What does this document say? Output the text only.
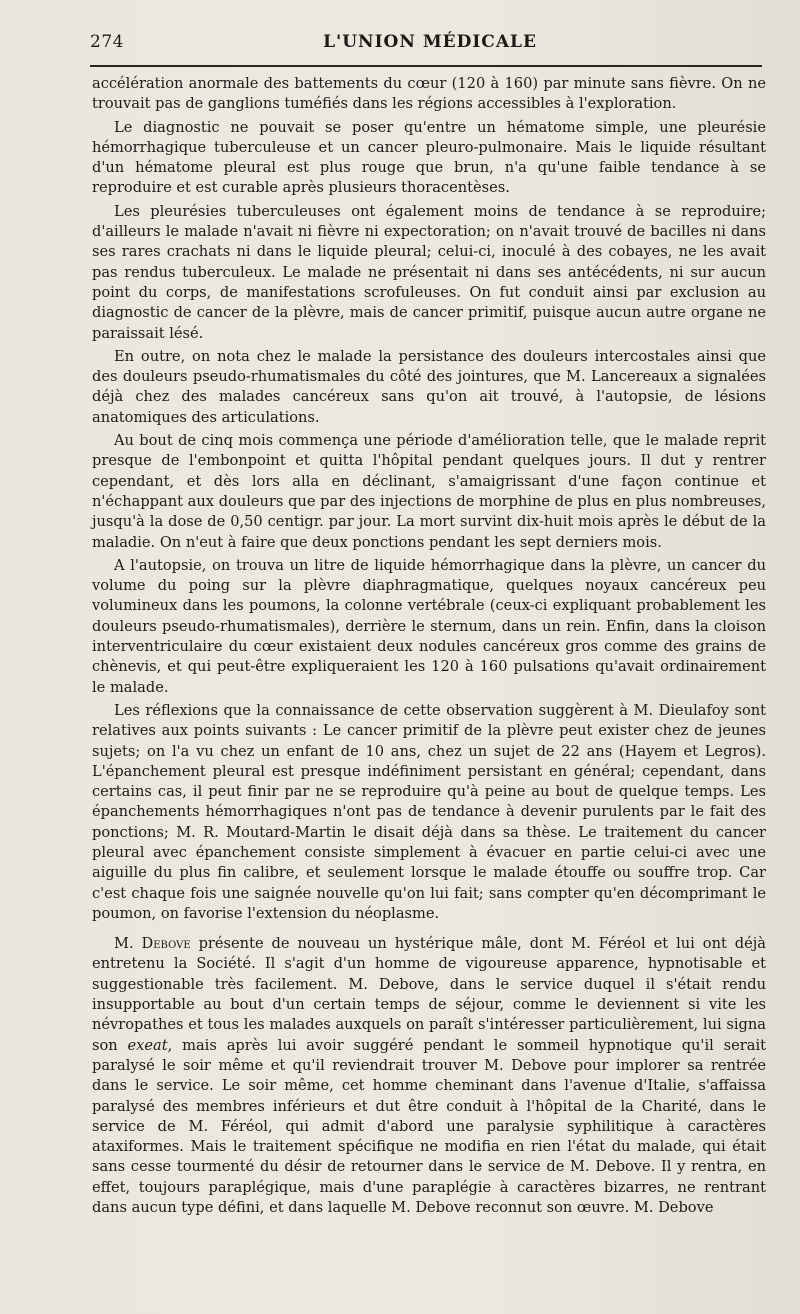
274	L'UNION MÉDICALE

accélération anormale des battements du cœur (120 à 160) par minute sans fièvre. On ne trouvait pas de ganglions tuméfiés dans les régions accessibles à l'exploration.

Le diagnostic ne pouvait se poser qu'entre un hématome simple, une pleurésie hémorrhagique tuberculeuse et un cancer pleuro-pulmonaire. Mais le liquide résultant d'un hématome pleural est plus rouge que brun, n'a qu'une faible tendance à se reproduire et est curable après plusieurs thoracentèses.

Les pleurésies tuberculeuses ont également moins de tendance à se reproduire; d'ailleurs le malade n'avait ni fièvre ni expectoration; on n'avait trouvé de bacilles ni dans ses rares crachats ni dans le liquide pleural; celui-ci, inoculé à des cobayes, ne les avait pas rendus tuberculeux. Le malade ne présentait ni dans ses antécédents, ni sur aucun point du corps, de manifestations scrofuleuses. On fut conduit ainsi par exclusion au diagnostic de cancer de la plèvre, mais de cancer primitif, puisque aucun autre organe ne paraissait lésé.

En outre, on nota chez le malade la persistance des douleurs intercostales ainsi que des douleurs pseudo-rhumatismales du côté des jointures, que M. Lancereaux a signalées déjà chez des malades cancéreux sans qu'on ait trouvé, à l'autopsie, de lésions anatomiques des articulations.

Au bout de cinq mois commença une période d'amélioration telle, que le malade reprit presque de l'embonpoint et quitta l'hôpital pendant quelques jours. Il dut y rentrer cependant, et dès lors alla en déclinant, s'amaigrissant d'une façon continue et n'échappant aux douleurs que par des injections de morphine de plus en plus nombreuses, jusqu'à la dose de 0,50 centigr. par jour. La mort survint dix-huit mois après le début de la maladie. On n'eut à faire que deux ponctions pendant les sept derniers mois.

A l'autopsie, on trouva un litre de liquide hémorrhagique dans la plèvre, un cancer du volume du poing sur la plèvre diaphragmatique, quelques noyaux cancéreux peu volumineux dans les poumons, la colonne vertébrale (ceux-ci expliquant probablement les douleurs pseudo-rhumatismales), derrière le sternum, dans un rein. Enfin, dans la cloison interventriculaire du cœur existaient deux nodules cancéreux gros comme des grains de chènevis, et qui peut-être expliqueraient les 120 à 160 pulsations qu'avait ordinairement le malade.

Les réflexions que la connaissance de cette observation suggèrent à M. Dieulafoy sont relatives aux points suivants : Le cancer primitif de la plèvre peut exister chez de jeunes sujets; on l'a vu chez un enfant de 10 ans, chez un sujet de 22 ans (Hayem et Legros). L'épanchement pleural est presque indéfiniment persistant en général; cependant, dans certains cas, il peut finir par ne se reproduire qu'à peine au bout de quelque temps. Les épanchements hémorrhagiques n'ont pas de tendance à devenir purulents par le fait des ponctions; M. R. Moutard-Martin le disait déjà dans sa thèse. Le traitement du cancer pleural avec épanchement consiste simplement à évacuer en partie celui-ci avec une aiguille du plus fin calibre, et seulement lorsque le malade étouffe ou souffre trop. Car c'est chaque fois une saignée nouvelle qu'on lui fait; sans compter qu'en décomprimant le poumon, on favorise l'extension du néoplasme.

M. Debove présente de nouveau un hystérique mâle, dont M. Féréol et lui ont déjà entretenu la Société. Il s'agit d'un homme de vigoureuse apparence, hypnotisable et suggestionable très facilement. M. Debove, dans le service duquel il s'était rendu insupportable au bout d'un certain temps de séjour, comme le deviennent si vite les névropathes et tous les malades auxquels on paraît s'intéresser particulièrement, lui signa son exeat, mais après lui avoir suggéré pendant le sommeil hypnotique qu'il serait paralysé le soir même et qu'il reviendrait trouver M. Debove pour implorer sa rentrée dans le service. Le soir même, cet homme cheminant dans l'avenue d'Italie, s'affaissa paralysé des membres inférieurs et dut être conduit à l'hôpital de la Charité, dans le service de M. Féréol, qui admit d'abord une paralysie syphilitique à caractères ataxiformes. Mais le traitement spécifique ne modifia en rien l'état du malade, qui était sans cesse tourmenté du désir de retourner dans le service de M. Debove. Il y rentra, en effet, toujours paraplégique, mais d'une paraplégie à caractères bizarres, ne rentrant dans aucun type défini, et dans laquelle M. Debove reconnut son œuvre. M. Debove
